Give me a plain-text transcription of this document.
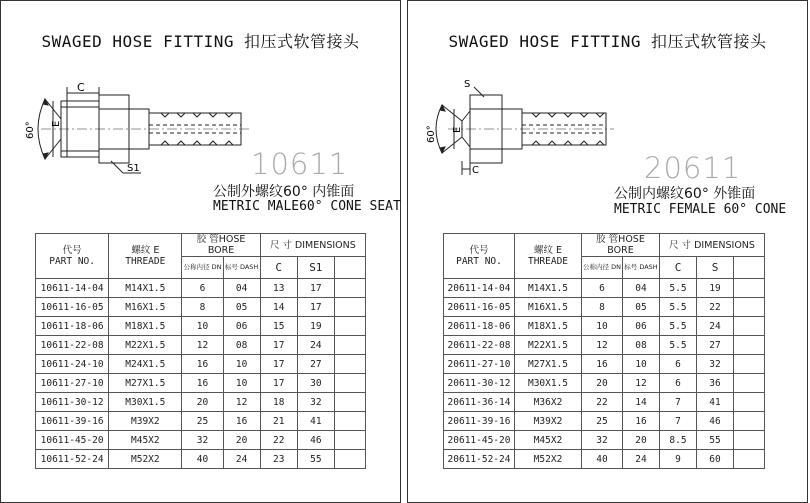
SWAGED HOSE FITTING 扣压式软管接头
C
E
60°
S1	10611
公制外螺纹60° 内锥面
METRIC MALE60° CONE SEAT
代号
PART NO.	螺纹 E
THREADE	胶 管HOSE BORE		尺 寸 DIMENSIONS		
		公称内径 DN	标号 DASH	C	S1	
10611-14-04	M14X1.5	6	04	13	17	
10611-16-05	M16X1.5	8	05	14	17	
10611-18-06	M18X1.5	10	06	15	19	
10611-22-08	M22X1.5	12	08	17	24	
10611-24-10	M24X1.5	16	10	17	27	
10611-27-10	M27X1.5	16	10	17	30	
10611-30-12	M30X1.5	20	12	18	32	
10611-39-16	M39X2	25	16	21	41	
10611-45-20	M45X2	32	20	22	46	
10611-52-24	M52X2	40	24	23	55	
SWAGED HOSE FITTING 扣压式软管接头
S
E
60°
C	20611
公制内螺纹60° 外锥面
METRIC FEMALE 60° CONE
代号
PART NO.	螺纹 E
THREADE	胶 管HOSE BORE		尺 寸 DIMENSIONS		
		公称内径 DN	标号 DASH	C	S	
20611-14-04	M14X1.5	6	04	5.5	19	
20611-16-05	M16X1.5	8	05	5.5	22	
20611-18-06	M18X1.5	10	06	5.5	24	
20611-22-08	M22X1.5	12	08	5.5	27	
20611-27-10	M27X1.5	16	10	6	32	
20611-30-12	M30X1.5	20	12	6	36	
20611-36-14	M36X2	22	14	7	41	
20611-39-16	M39X2	25	16	7	46	
20611-45-20	M45X2	32	20	8.5	55	
20611-52-24	M52X2	40	24	9	60	
